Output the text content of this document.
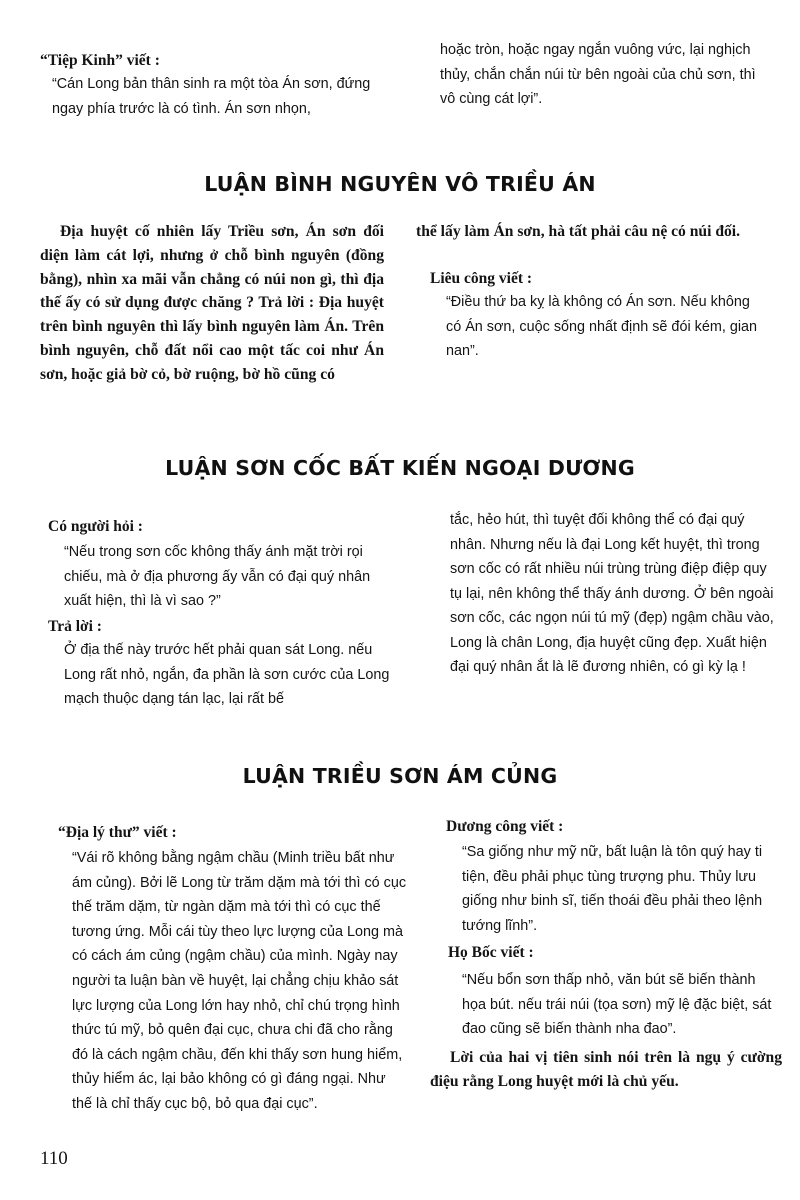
“Tiệp Kinh” viết :
“Cán Long bản thân sinh ra một tòa Án sơn, đứng ngay phía trước là có tình. Án sơn nhọn,
hoặc tròn, hoặc ngay ngắn vuông vức, lại nghịch thủy, chắn chắn núi từ bên ngoài của chủ sơn, thì vô cùng cát lợi”.
LUẬN BÌNH NGUYÊN VÔ TRIỀU ÁN
Địa huyệt cố nhiên lấy Triều sơn, Án sơn đối diện làm cát lợi, nhưng ở chỗ bình nguyên (đồng bằng), nhìn xa mãi vẫn chẳng có núi non gì, thì địa thế ấy có sử dụng được chăng ? Trả lời : Địa huyệt trên bình nguyên thì lấy bình nguyên làm Án. Trên bình nguyên, chỗ đất nổi cao một tấc coi như Án sơn, hoặc giả bờ cỏ, bờ ruộng, bờ hồ cũng có
thể lấy làm Án sơn, hà tất phải câu nệ có núi đối.
Liêu công viết :
“Điều thứ ba kỵ là không có Án sơn. Nếu không có Án sơn, cuộc sống nhất định sẽ đói kém, gian nan”.
LUẬN SƠN CỐC BẤT KIẾN NGOẠI DƯƠNG
Có người hỏi :
“Nếu trong sơn cốc không thấy ánh mặt trời rọi chiếu, mà ở địa phương ấy vẫn có đại quý nhân xuất hiện, thì là vì sao ?”
Trả lời :
Ở địa thế này trước hết phải quan sát Long. nếu Long rất nhỏ, ngắn, đa phần là sơn cước của Long mạch thuộc dạng tán lạc, lại rất bế
tắc, hẻo hút, thì tuyệt đối không thể có đại quý nhân. Nhưng nếu là đại Long kết huyệt, thì trong sơn cốc có rất nhiều núi trùng trùng điệp điệp quy tụ lại, nên không thể thấy ánh dương. Ở bên ngoài sơn cốc, các ngọn núi tú mỹ (đẹp) ngậm chầu vào, Long là chân Long, địa huyệt cũng đẹp. Xuất hiện đại quý nhân ắt là lẽ đương nhiên, có gì kỳ lạ !
LUẬN TRIỀU SƠN ÁM CỦNG
“Địa lý thư” viết :
“Vái rõ không bằng ngậm chầu (Minh triều bất như ám củng). Bởi lẽ Long từ trăm dặm mà tới thì có cục thế trăm dặm, từ ngàn dặm mà tới thì có cục thế tương ứng. Mỗi cái tùy theo lực lượng của Long mà có cách ám củng (ngậm chầu) của mình. Ngày nay người ta luận bàn về huyệt, lại chẳng chịu khảo sát lực lượng của Long lớn hay nhỏ, chỉ chú trọng hình thức tú mỹ, bỏ quên đại cục, chưa chi đã cho rằng đó là cách ngậm chầu, đến khi thấy sơn hung hiểm, thủy hiểm ác, lại bảo không có gì đáng ngại. Như thế là chỉ thấy cục bộ, bỏ qua đại cục”.
Dương công viết :
“Sa giống như mỹ nữ, bất luận là tôn quý hay ti tiện, đều phải phục tùng trượng phu. Thủy lưu giống như binh sĩ, tiến thoái đều phải theo lệnh tướng lĩnh”.
Họ Bốc viết :
“Nếu bổn sơn thấp nhỏ, văn bút sẽ biến thành họa bút. nếu trái núi (tọa sơn) mỹ lệ đặc biệt, sát đao cũng sẽ biến thành nha đao”.
Lời của hai vị tiên sinh nói trên là ngụ ý cường điệu rằng Long huyệt mới là chủ yếu.
110
